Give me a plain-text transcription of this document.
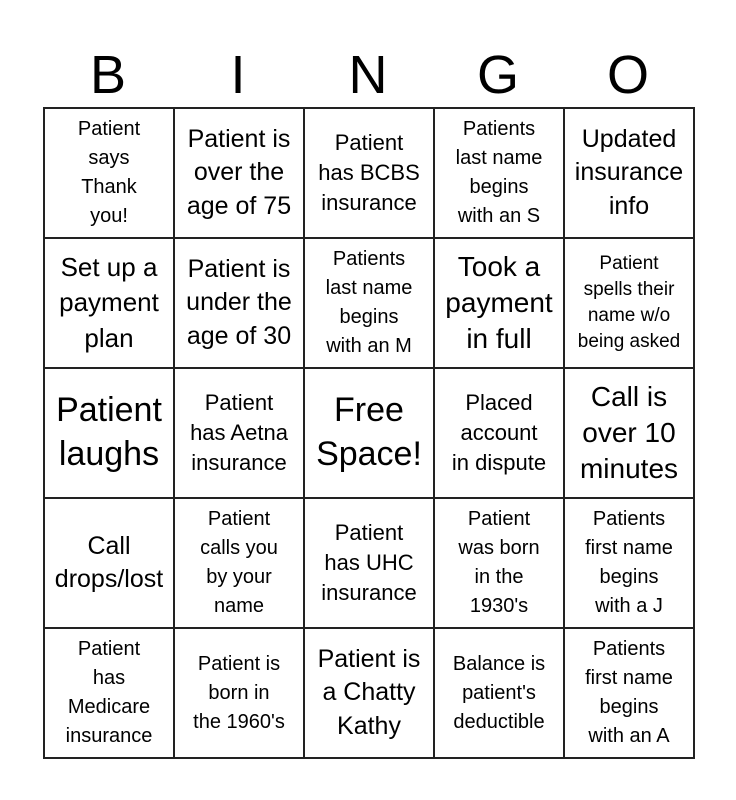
B	I	N	G	O
Patient
says
Thank
you!
Patient is
over the
age of 75
Patient
has BCBS
insurance
Patients
last name
begins
with an S
Updated
insurance
info
Set up a
payment
plan
Patient is
under the
age of 30
Patients
last name
begins
with an M
Took a
payment
in full
Patient
spells their
name w/o
being asked
Patient
laughs
Patient
has Aetna
insurance
Free
Space!
Placed
account
in dispute
Call is
over 10
minutes
Call
drops/lost
Patient
calls you
by your
name
Patient
has UHC
insurance
Patient
was born
in the
1930's
Patients
first name
begins
with a J
Patient
has
Medicare
insurance
Patient is
born in
the 1960's
Patient is
a Chatty
Kathy
Balance is
patient's
deductible
Patients
first name
begins
with an A
